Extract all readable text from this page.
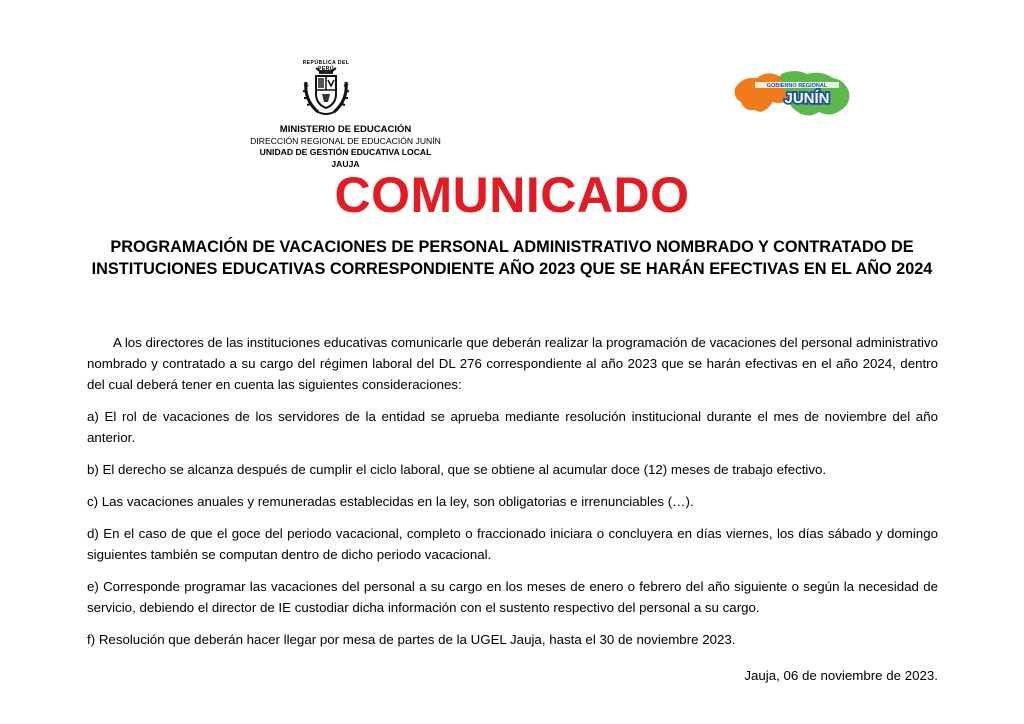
REPÚBLICA DEL PERÚ
MINISTERIO DE EDUCACIÓN
DIRECCIÓN REGIONAL DE EDUCACIÓN JUNÍN
UNIDAD DE GESTIÓN EDUCATIVA LOCAL JAUJA
GOBIERNO REGIONAL
JUNÍN
COMUNICADO
PROGRAMACIÓN DE VACACIONES DE PERSONAL ADMINISTRATIVO NOMBRADO Y CONTRATADO DE INSTITUCIONES EDUCATIVAS CORRESPONDIENTE AÑO 2023 QUE SE HARÁN EFECTIVAS EN EL AÑO 2024

A los directores de las instituciones educativas comunicarle que deberán realizar la programación de vacaciones del personal administrativo nombrado y contratado a su cargo del régimen laboral del DL 276 correspondiente al año 2023 que se harán efectivas en el año 2024, dentro del cual deberá tener en cuenta las siguientes consideraciones:

a) El rol de vacaciones de los servidores de la entidad se aprueba mediante resolución institucional durante el mes de noviembre del año anterior.

b) El derecho se alcanza después de cumplir el ciclo laboral, que se obtiene al acumular doce (12) meses de trabajo efectivo.

c) Las vacaciones anuales y remuneradas establecidas en la ley, son obligatorias e irrenunciables (…).

d) En el caso de que el goce del periodo vacacional, completo o fraccionado iniciara o concluyera en días viernes, los días sábado y domingo siguientes también se computan dentro de dicho periodo vacacional.

e) Corresponde programar las vacaciones del personal a su cargo en los meses de enero o febrero del año siguiente o según la necesidad de servicio, debiendo el director de IE custodiar dicha información con el sustento respectivo del personal a su cargo.

f) Resolución que deberán hacer llegar por mesa de partes de la UGEL Jauja, hasta el 30 de noviembre 2023.

Jauja, 06 de noviembre de 2023.
